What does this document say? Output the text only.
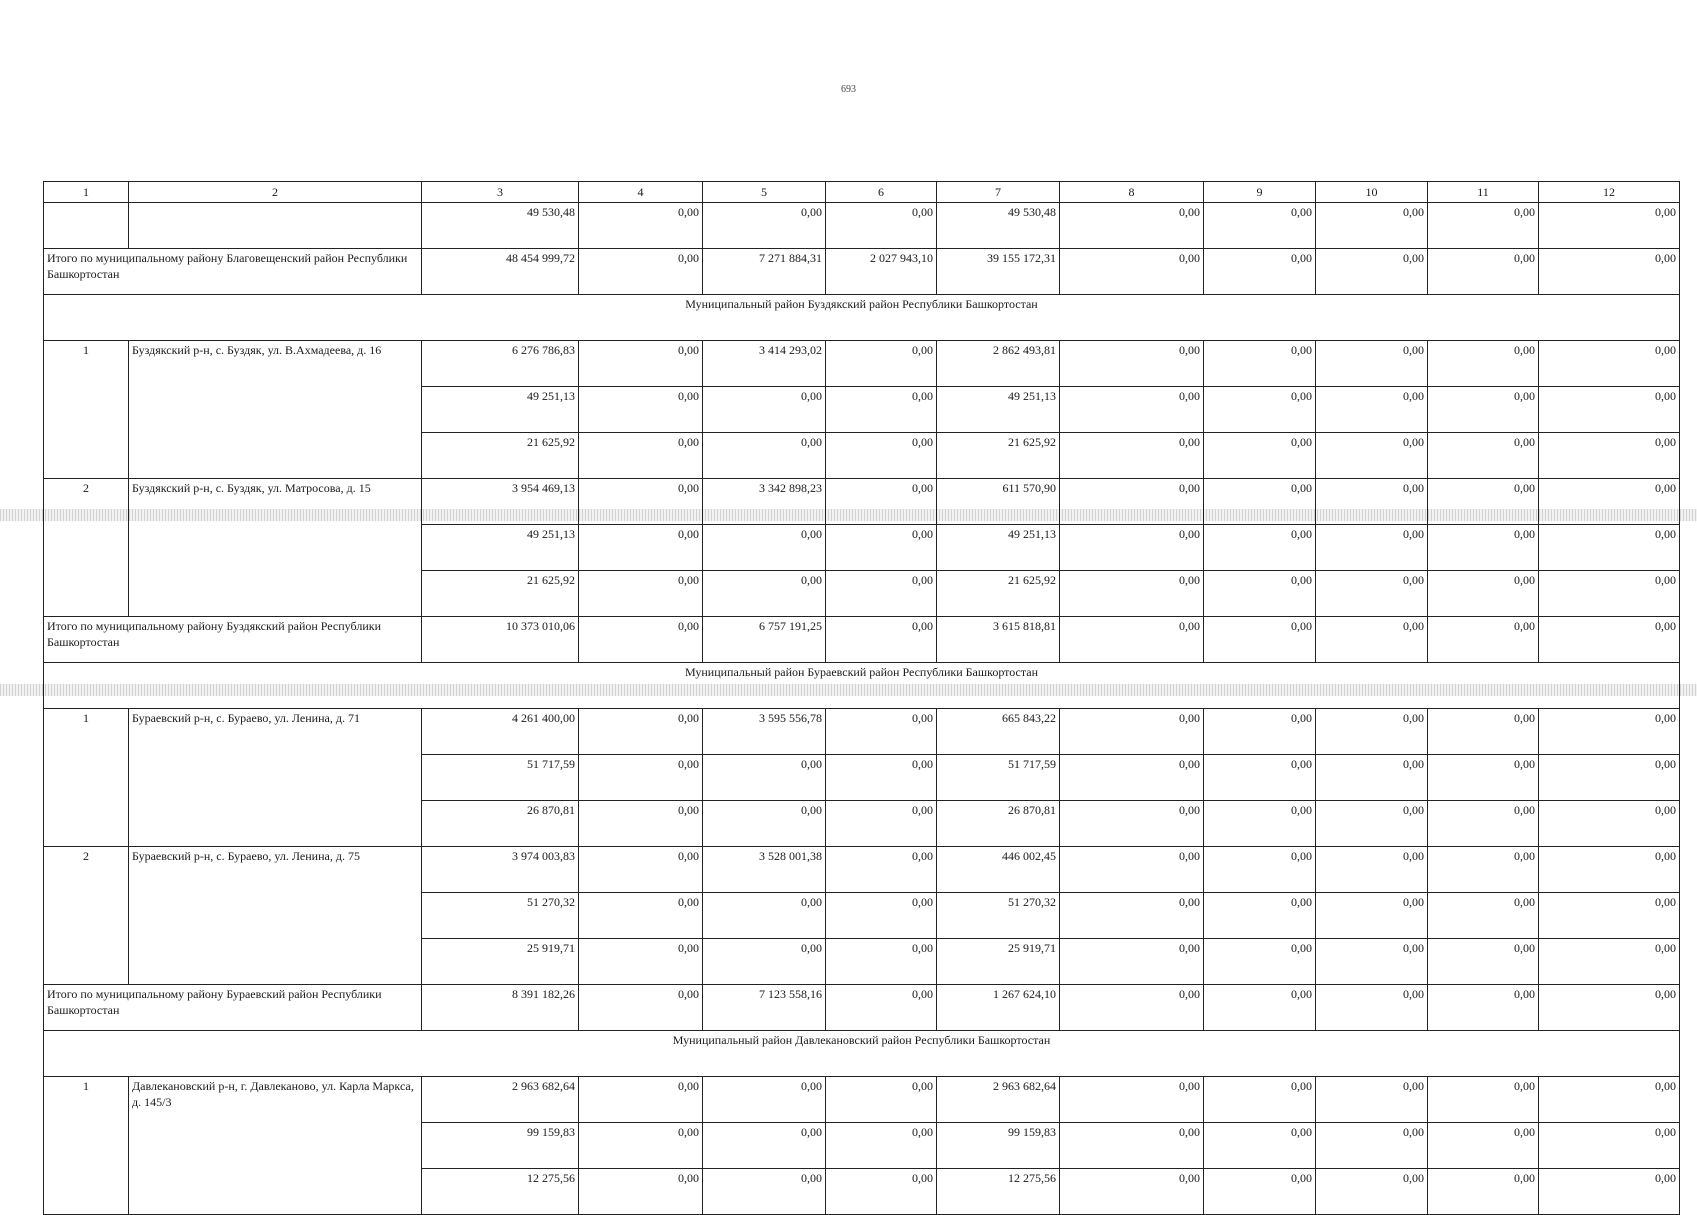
693
1	2	3	4	5	6	7	8	9	10	11	12
		49 530,48	0,00	0,00	0,00	49 530,48	0,00	0,00	0,00	0,00	0,00
Итого по муниципальному району Благовещенский район Республики Башкортостан		48 454 999,72	0,00	7 271 884,31	2 027 943,10	39 155 172,31	0,00	0,00	0,00	0,00	0,00
Муниципальный район Буздякский район Республики Башкортостан											
1	Буздякский р-н, с. Буздяк, ул. В.Ахмадеева, д. 16	6 276 786,83	0,00	3 414 293,02	0,00	2 862 493,81	0,00	0,00	0,00	0,00	0,00
		49 251,13	0,00	0,00	0,00	49 251,13	0,00	0,00	0,00	0,00	0,00
		21 625,92	0,00	0,00	0,00	21 625,92	0,00	0,00	0,00	0,00	0,00
2	Буздякский р-н, с. Буздяк, ул. Матросова, д. 15	3 954 469,13	0,00	3 342 898,23	0,00	611 570,90	0,00	0,00	0,00	0,00	0,00
		49 251,13	0,00	0,00	0,00	49 251,13	0,00	0,00	0,00	0,00	0,00
		21 625,92	0,00	0,00	0,00	21 625,92	0,00	0,00	0,00	0,00	0,00
Итого по муниципальному району Буздякский район Республики Башкортостан		10 373 010,06	0,00	6 757 191,25	0,00	3 615 818,81	0,00	0,00	0,00	0,00	0,00
Муниципальный район Бураевский район Республики Башкортостан											
1	Бураевский р-н, с. Бураево, ул. Ленина, д. 71	4 261 400,00	0,00	3 595 556,78	0,00	665 843,22	0,00	0,00	0,00	0,00	0,00
		51 717,59	0,00	0,00	0,00	51 717,59	0,00	0,00	0,00	0,00	0,00
		26 870,81	0,00	0,00	0,00	26 870,81	0,00	0,00	0,00	0,00	0,00
2	Бураевский р-н, с. Бураево, ул. Ленина, д. 75	3 974 003,83	0,00	3 528 001,38	0,00	446 002,45	0,00	0,00	0,00	0,00	0,00
		51 270,32	0,00	0,00	0,00	51 270,32	0,00	0,00	0,00	0,00	0,00
		25 919,71	0,00	0,00	0,00	25 919,71	0,00	0,00	0,00	0,00	0,00
Итого по муниципальному району Бураевский район Республики Башкортостан		8 391 182,26	0,00	7 123 558,16	0,00	1 267 624,10	0,00	0,00	0,00	0,00	0,00
Муниципальный район Давлекановский район Республики Башкортостан											
1	Давлекановский р-н, г. Давлеканово, ул. Карла Маркса, д. 145/3	2 963 682,64	0,00	0,00	0,00	2 963 682,64	0,00	0,00	0,00	0,00	0,00
		99 159,83	0,00	0,00	0,00	99 159,83	0,00	0,00	0,00	0,00	0,00
		12 275,56	0,00	0,00	0,00	12 275,56	0,00	0,00	0,00	0,00	0,00
